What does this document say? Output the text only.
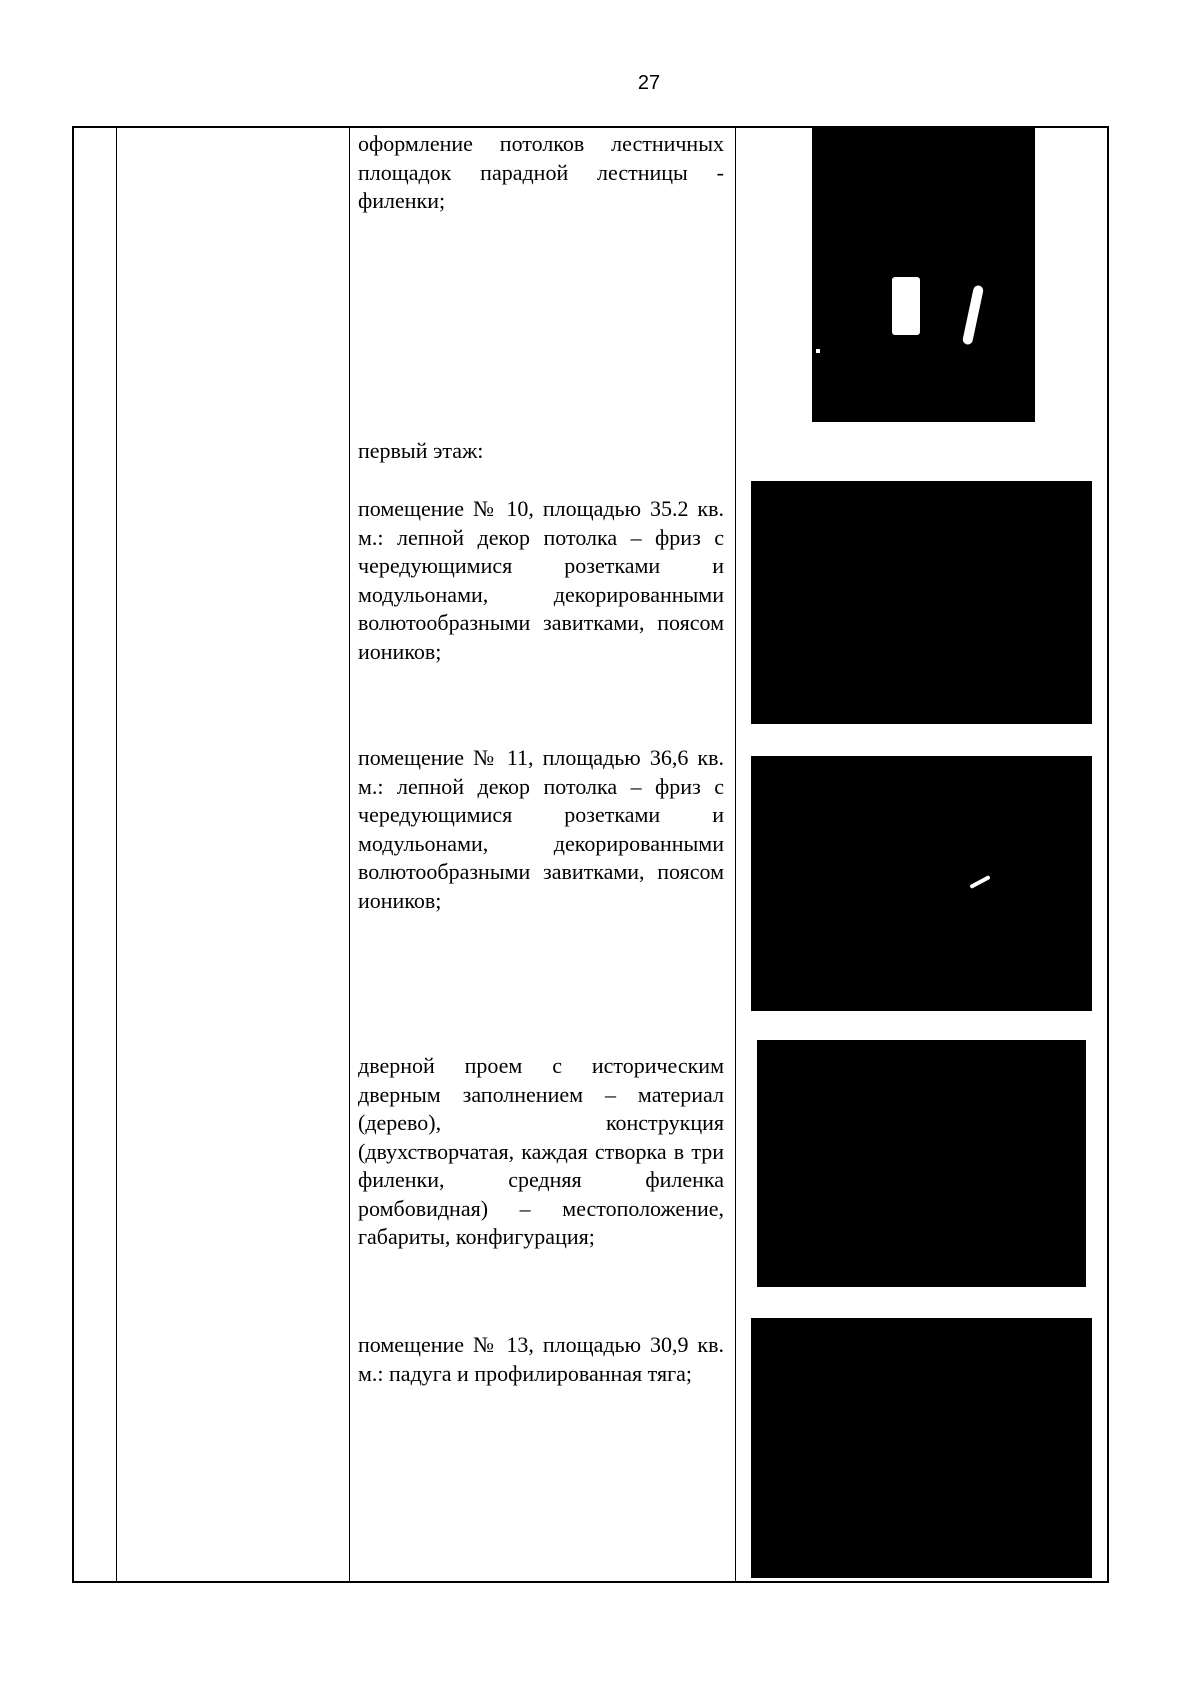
27
оформление потолков лестничных площадок парадной лестницы - филенки;
первый этаж:
помещение № 10, площадью 35.2 кв. м.: лепной декор потолка – фриз с чередующимися розетками и модульонами, декорированными волютообразными завитками, поясом иоников;
помещение № 11, площадью 36,6 кв. м.: лепной декор потолка – фриз с чередующимися розетками и модульонами, декорированными волютообразными завитками, поясом иоников;
дверной проем с историческим дверным заполнением – материал (дерево), конструкция (двухстворчатая, каждая створка в три филенки, средняя филенка ромбовидная) – местоположение, габариты, конфигурация;
помещение № 13, площадью 30,9 кв. м.: падуга и профилированная тяга;
